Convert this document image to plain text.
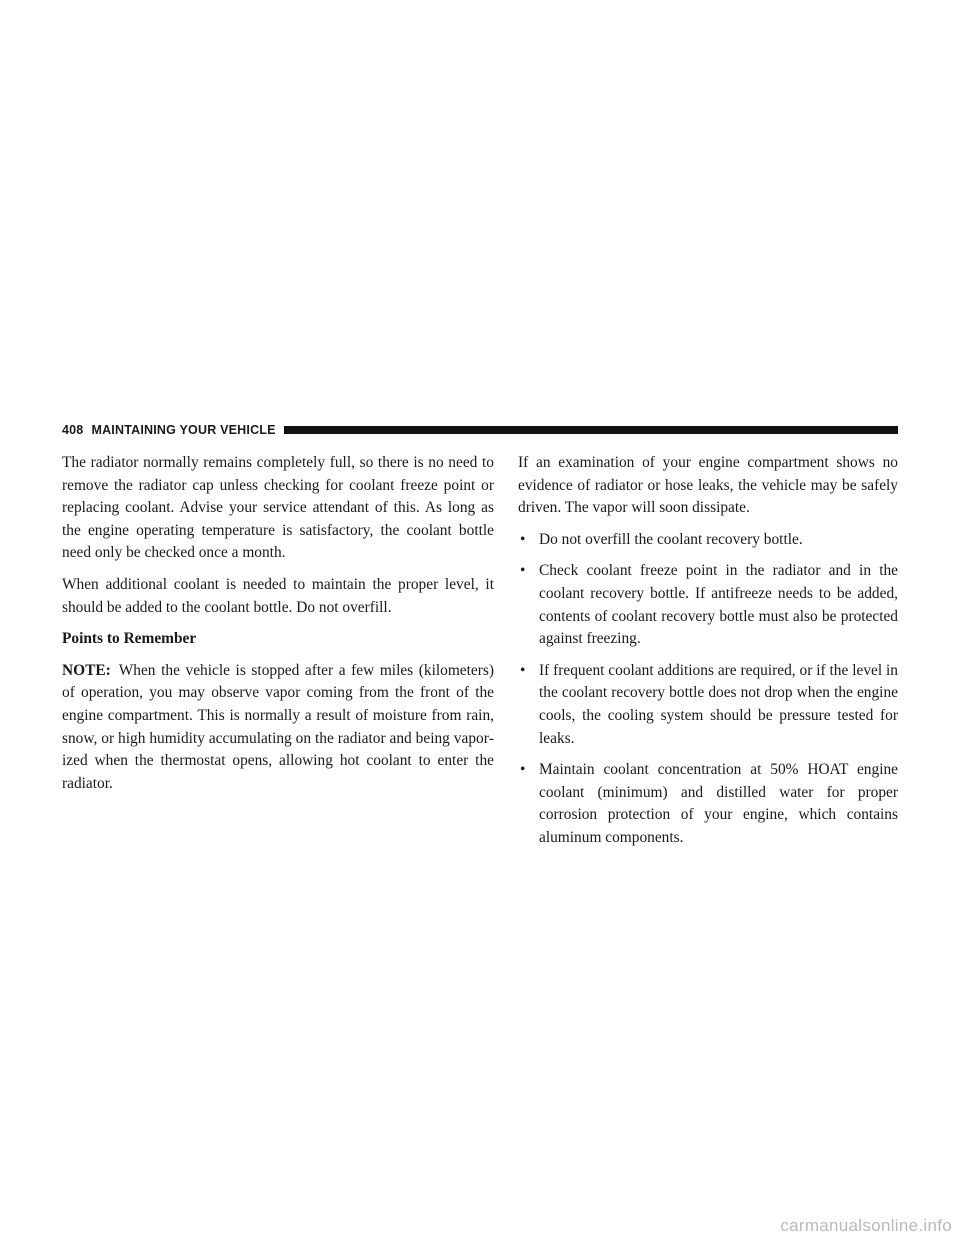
408 MAINTAINING YOUR VEHICLE

The radiator normally remains completely full, so there is no need to remove the radiator cap unless checking for coolant freeze point or replacing coolant. Advise your service attendant of this. As long as the engine operating temperature is satisfactory, the coolant bottle need only be checked once a month.

When additional coolant is needed to maintain the proper level, it should be added to the coolant bottle. Do not overfill.

Points to Remember

NOTE: When the vehicle is stopped after a few miles (kilometers) of operation, you may observe vapor coming from the front of the engine compartment. This is normally a result of moisture from rain, snow, or high humidity accumulating on the radiator and being vaporized when the thermostat opens, allowing hot coolant to enter the radiator.

If an examination of your engine compartment shows no evidence of radiator or hose leaks, the vehicle may be safely driven. The vapor will soon dissipate.

• Do not overfill the coolant recovery bottle.
• Check coolant freeze point in the radiator and in the coolant recovery bottle. If antifreeze needs to be added, contents of coolant recovery bottle must also be protected against freezing.
• If frequent coolant additions are required, or if the level in the coolant recovery bottle does not drop when the engine cools, the cooling system should be pressure tested for leaks.
• Maintain coolant concentration at 50% HOAT engine coolant (minimum) and distilled water for proper corrosion protection of your engine, which contains aluminum components.
carmanualsonline.info
